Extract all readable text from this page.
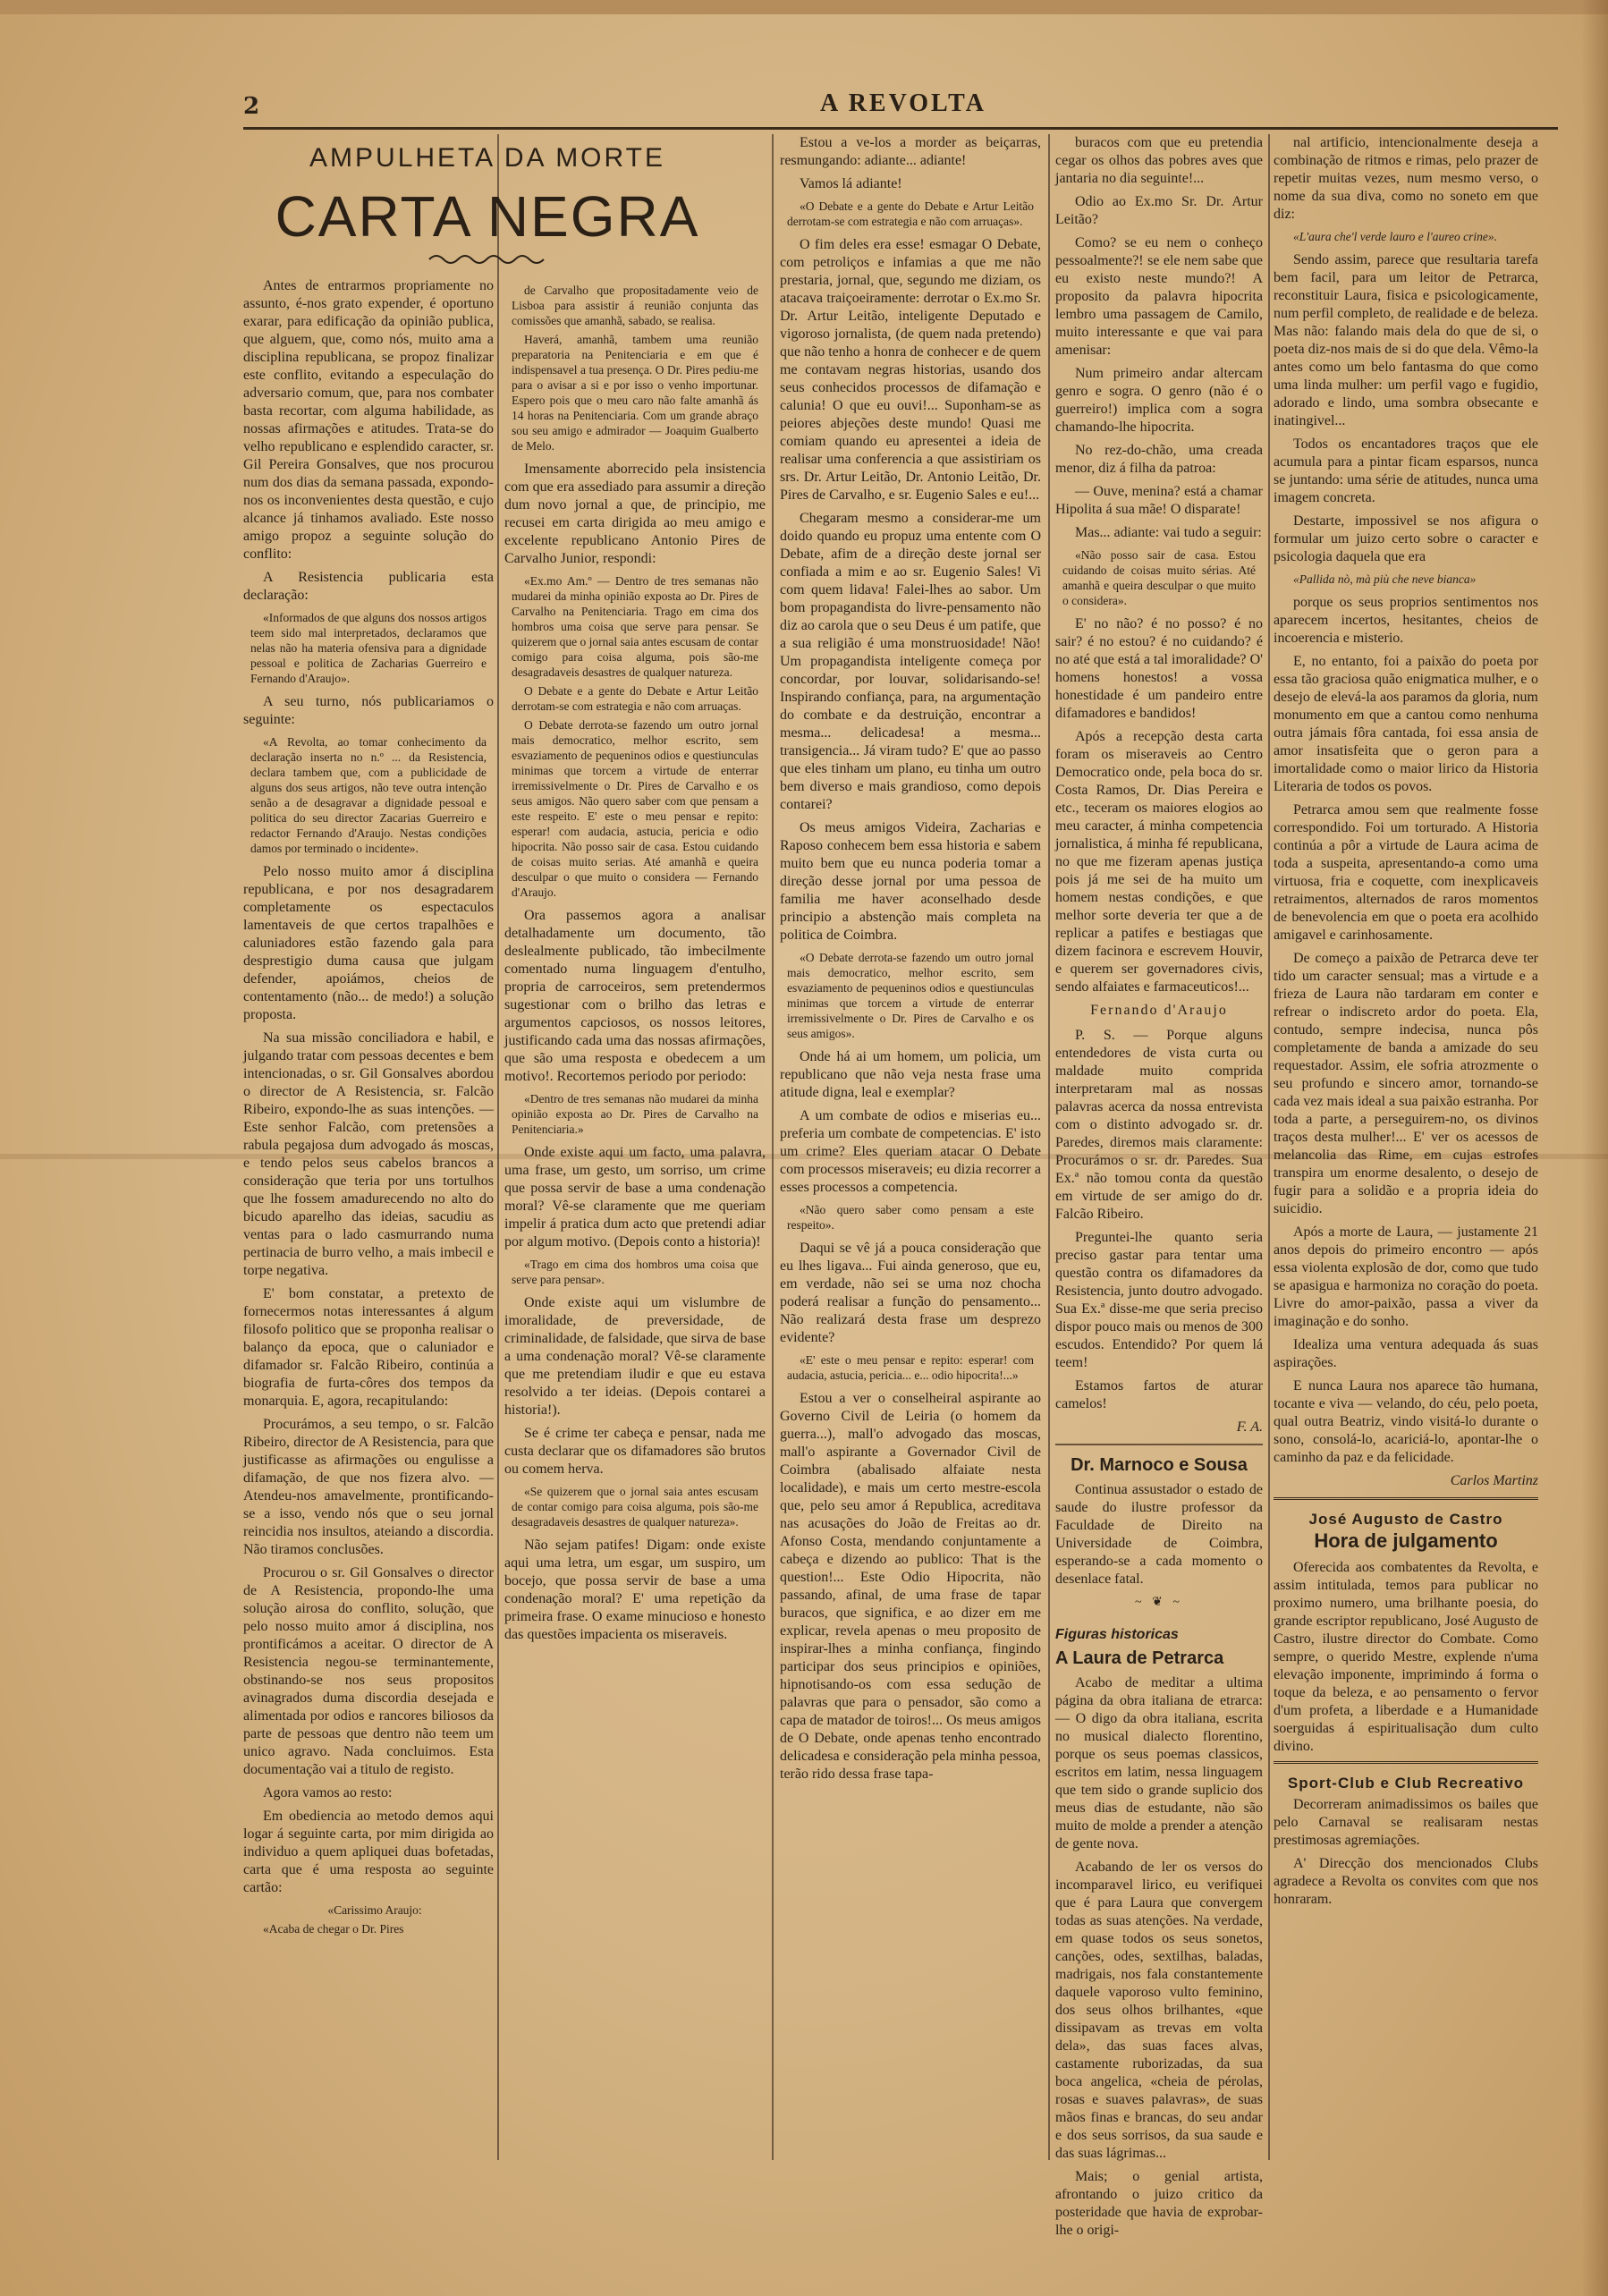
2	A REVOLTA
AMPULHETA DA MORTE
CARTA NEGRA

Antes de entrarmos propriamente no assunto, é-nos grato expender, é oportuno exarar, para edificação da opinião publica, que alguem, que, como nós, muito ama a disciplina republicana, se propoz finalizar este conflito, evitando a especulação do adversario comum, que, para nos combater basta recortar, com alguma habilidade, as nossas afirmações e atitudes. Trata-se do velho republicano e esplendido caracter, sr. Gil Pereira Gonsalves, que nos procurou num dos dias da semana passada, expondo-nos os inconvenientes desta questão, e cujo alcance já tinhamos avaliado. Este nosso amigo propoz a seguinte solução do conflito:

A Resistencia publicaria esta declaração:

«Informados de que alguns dos nossos artigos teem sido mal interpretados, declaramos que nelas não ha materia ofensiva para a dignidade pessoal e politica de Zacharias Guerreiro e Fernando d'Araujo».

A seu turno, nós publicariamos o seguinte:

«A Revolta, ao tomar conhecimento da declaração inserta no n.º ... da Resistencia, declara tambem que, com a publicidade de alguns dos seus artigos, não teve outra intenção senão a de desagravar a dignidade pessoal e politica do seu director Zacarias Guerreiro e redactor Fernando d'Araujo. Nestas condições damos por terminado o incidente».

Pelo nosso muito amor á disciplina republicana, e por nos desagradarem completamente os espectaculos lamentaveis de que certos trapalhões e caluniadores estão fazendo gala para desprestigio duma causa que julgam defender, apoiámos, cheios de contentamento (não... de medo!) a solução proposta.

Na sua missão conciliadora e habil, e julgando tratar com pessoas decentes e bem intencionadas, o sr. Gil Gonsalves abordou o director de A Resistencia, sr. Falcão Ribeiro, expondo-lhe as suas intenções. — Este senhor Falcão, com pretensões a rabula pegajosa dum advogado ás moscas, e tendo pelos seus cabelos brancos a consideração que teria por uns tortulhos que lhe fossem amadurecendo no alto do bicudo aparelho das ideias, sacudiu as ventas para o lado casmurrando numa pertinacia de burro velho, a mais imbecil e torpe negativa.

E' bom constatar, a pretexto de fornecermos notas interessantes á algum filosofo politico que se proponha realisar o balanço da epoca, que o caluniador e difamador sr. Falcão Ribeiro, continúa a biografia de furta-côres dos tempos da monarquia. E, agora, recapitulando:

Procurámos, a seu tempo, o sr. Falcão Ribeiro, director de A Resistencia, para que justificasse as afirmações ou engulisse a difamação, de que nos fizera alvo. — Atendeu-nos amavelmente, prontificando-se a isso, vendo nós que o seu jornal reincidia nos insultos, ateiando a discordia. Não tiramos conclusões.

Procurou o sr. Gil Gonsalves o director de A Resistencia, propondo-lhe uma solução airosa do conflito, solução, que pelo nosso muito amor á disciplina, nos prontificámos a aceitar. O director de A Resistencia negou-se terminantemente, obstinando-se nos seus propositos avinagrados duma discordia desejada e alimentada por odios e rancores biliosos da parte de pessoas que dentro não teem um unico agravo. Nada concluimos. Esta documentação vai a titulo de registo.

Agora vamos ao resto:

Em obediencia ao metodo demos aqui logar á seguinte carta, por mim dirigida ao individuo a quem apliquei duas bofetadas, carta que é uma resposta ao seguinte cartão:

«Carissimo Araujo:

«Acaba de chegar o Dr. Pires

de Carvalho que propositadamente veio de Lisboa para assistir á reunião conjunta das comissões que amanhã, sabado, se realisa.

Haverá, amanhã, tambem uma reunião preparatoria na Penitenciaria e em que é indispensavel a tua presença. O Dr. Pires pediu-me para o avisar a si e por isso o venho importunar. Espero pois que o meu caro não falte amanhã ás 14 horas na Penitenciaria. Com um grande abraço sou seu amigo e admirador — Joaquim Gualberto de Melo.

Imensamente aborrecido pela insistencia com que era assediado para assumir a direção dum novo jornal a que, de principio, me recusei em carta dirigida ao meu amigo e excelente republicano Antonio Pires de Carvalho Junior, respondi:

«Ex.mo Am.º — Dentro de tres semanas não mudarei da minha opinião exposta ao Dr. Pires de Carvalho na Penitenciaria. Trago em cima dos hombros uma coisa que serve para pensar. Se quizerem que o jornal saia antes escusam de contar comigo para coisa alguma, pois são-me desagradaveis desastres de qualquer natureza.

O Debate e a gente do Debate e Artur Leitão derrotam-se com estrategia e não com arruaças.

O Debate derrota-se fazendo um outro jornal mais democratico, melhor escrito, sem esvaziamento de pequeninos odios e questiunculas minimas que torcem a virtude de enterrar irremissivelmente o Dr. Pires de Carvalho e os seus amigos. Não quero saber com que pensam a este respeito. E' este o meu pensar e repito: esperar! com audacia, astucia, pericia e odio hipocrita. Não posso sair de casa. Estou cuidando de coisas muito serias. Até amanhã e queira desculpar o que muito o considera — Fernando d'Araujo.

Ora passemos agora a analisar detalhadamente um documento, tão deslealmente publicado, tão imbecilmente comentado numa linguagem d'entulho, propria de carroceiros, sem pretendermos sugestionar com o brilho das letras e argumentos capciosos, os nossos leitores, justificando cada uma das nossas afirmações, que são uma resposta e obedecem a um motivo!. Recortemos periodo por periodo:

«Dentro de tres semanas não mudarei da minha opinião exposta ao Dr. Pires de Carvalho na Penitenciaria.»

Onde existe aqui um facto, uma palavra, uma frase, um gesto, um sorriso, um crime que possa servir de base a uma condenação moral? Vê-se claramente que me queriam impelir á pratica dum acto que pretendi adiar por algum motivo. (Depois conto a historia)!

«Trago em cima dos hombros uma coisa que serve para pensar».

Onde existe aqui um vislumbre de imoralidade, de preversidade, de criminalidade, de falsidade, que sirva de base a uma condenação moral? Vê-se claramente que me pretendiam iludir e que eu estava resolvido a ter ideias. (Depois contarei a historia!).

Se é crime ter cabeça e pensar, nada me custa declarar que os difamadores são brutos ou comem herva.

«Se quizerem que o jornal saia antes escusam de contar comigo para coisa alguma, pois são-me desagradaveis desastres de qualquer natureza».

Não sejam patifes! Digam: onde existe aqui uma letra, um esgar, um suspiro, um bocejo, que possa servir de base a uma condenação moral? E' uma repetição da primeira frase. O exame minucioso e honesto das questões impacienta os miseraveis.

Estou a ve-los a morder as beiçarras, resmungando: adiante... adiante!

Vamos lá adiante!

«O Debate e a gente do Debate e Artur Leitão derrotam-se com estrategia e não com arruaças».

O fim deles era esse! esmagar O Debate, com petroliços e infamias a que me não prestaria, jornal, que, segundo me diziam, os atacava traiçoeiramente: derrotar o Ex.mo Sr. Dr. Artur Leitão, inteligente Deputado e vigoroso jornalista, (de quem nada pretendo) que não tenho a honra de conhecer e de quem me contavam negras historias, usando dos seus conhecidos processos de difamação e calunia! O que eu ouvi!... Suponham-se as peiores abjeções deste mundo! Quasi me comiam quando eu apresentei a ideia de realisar uma conferencia a que assistiriam os srs. Dr. Artur Leitão, Dr. Antonio Leitão, Dr. Pires de Carvalho, e sr. Eugenio Sales e eu!...

Chegaram mesmo a considerar-me um doido quando eu propuz uma entente com O Debate, afim de a direção deste jornal ser confiada a mim e ao sr. Eugenio Sales! Vi com quem lidava! Falei-lhes ao sabor. Um bom propagandista do livre-pensamento não diz ao carola que o seu Deus é um patife, que a sua religião é uma monstruosidade! Não! Um propagandista inteligente começa por concordar, por louvar, solidarisando-se! Inspirando confiança, para, na argumentação do combate e da destruição, encontrar a mesma... delicadesa! a mesma... transigencia... Já viram tudo? E' que ao passo que eles tinham um plano, eu tinha um outro bem diverso e mais grandioso, como depois contarei?

Os meus amigos Videira, Zacharias e Raposo conhecem bem essa historia e sabem muito bem que eu nunca poderia tomar a direção desse jornal por uma pessoa de familia me haver aconselhado desde principio a abstenção mais completa na politica de Coimbra.

«O Debate derrota-se fazendo um outro jornal mais democratico, melhor escrito, sem esvaziamento de pequeninos odios e questiunculas minimas que torcem a virtude de enterrar irremissivelmente o Dr. Pires de Carvalho e os seus amigos».

Onde há ai um homem, um policia, um republicano que não veja nesta frase uma atitude digna, leal e exemplar?

A um combate de odios e miserias eu... preferia um combate de competencias. E' isto um crime? Eles queriam atacar O Debate com processos miseraveis; eu dizia recorrer a esses processos a competencia.

«Não quero saber como pensam a este respeito».

Daqui se vê já a pouca consideração que eu lhes ligava... Fui ainda generoso, que eu, em verdade, não sei se uma noz chocha poderá realisar a função do pensamento... Não realizará desta frase um desprezo evidente?

«E' este o meu pensar e repito: esperar! com audacia, astucia, pericia... e... odio hipocrita!...»

Estou a ver o conselheiral aspirante ao Governo Civil de Leiria (o homem da guerra...), mall'o advogado das moscas, mall'o aspirante a Governador Civil de Coimbra (abalisado alfaiate nesta localidade), e mais um certo mestre-escola que, pelo seu amor á Republica, acreditava nas acusações do João de Freitas ao dr. Afonso Costa, mendando conjuntamente a cabeça e dizendo ao publico: That is the question!... Este Odio Hipocrita, não passando, afinal, de uma frase de tapar buracos, que significa, e ao dizer em me explicar, revela apenas o meu proposito de inspirar-lhes a minha confiança, fingindo participar dos seus principios e opiniões, hipnotisando-os com essa sedução de palavras que para o pensador, são como a capa de matador de toiros!... Os meus amigos de O Debate, onde apenas tenho encontrado delicadesa e consideração pela minha pessoa, terão rido dessa frase tapa-

buracos com que eu pretendia cegar os olhos das pobres aves que jantaria no dia seguinte!...

Odio ao Ex.mo Sr. Dr. Artur Leitão?

Como? se eu nem o conheço pessoalmente?! se ele nem sabe que eu existo neste mundo?! A proposito da palavra hipocrita lembro uma passagem de Camilo, muito interessante e que vai para amenisar:

Num primeiro andar altercam genro e sogra. O genro (não é o guerreiro!) implica com a sogra chamando-lhe hipocrita.

No rez-do-chão, uma creada menor, diz á filha da patroa:

— Ouve, menina? está a chamar Hipolita á sua mãe! O disparate!

Mas... adiante: vai tudo a seguir:

«Não posso sair de casa. Estou cuidando de coisas muito sérias. Até amanhã e queira desculpar o que muito o considera».

E' no não? é no posso? é no sair? é no estou? é no cuidando? é no até que está a tal imoralidade? O' homens honestos! a vossa honestidade é um pandeiro entre difamadores e bandidos!

Após a recepção desta carta foram os miseraveis ao Centro Democratico onde, pela boca do sr. Costa Ramos, Dr. Dias Pereira e etc., teceram os maiores elogios ao meu caracter, á minha competencia jornalistica, á minha fé republicana, no que me fizeram apenas justiça pois já me sei de ha muito um homem nestas condições, e que melhor sorte deveria ter que a de replicar a patifes e bestiagas que dizem facinora e escrevem Houvir, e querem ser governadores civis, sendo alfaiates e farmaceuticos!...

Fernando d'Araujo

P. S. — Porque alguns entendedores de vista curta ou maldade muito comprida interpretaram mal as nossas palavras acerca da nossa entrevista com o distinto advogado sr. dr. Paredes, diremos mais claramente: Procurámos o sr. dr. Paredes. Sua Ex.ª não tomou conta da questão em virtude de ser amigo do dr. Falcão Ribeiro.

Preguntei-lhe quanto seria preciso gastar para tentar uma questão contra os difamadores da Resistencia, junto doutro advogado. Sua Ex.ª disse-me que seria preciso dispor pouco mais ou menos de 300 escudos. Entendido? Por quem lá teem!

Estamos fartos de aturar camelos!

F. A.
Dr. Marnoco e Sousa

Continua assustador o estado de saude do ilustre professor da Faculdade de Direito na Universidade de Coimbra, esperando-se a cada momento o desenlace fatal.

~ ❦ ~
Figuras historicas
A Laura de Petrarca

Acabo de meditar a ultima página da obra italiana de etrarca: — O digo da obra italiana, escrita no musical dialecto florentino, porque os seus poemas classicos, escritos em latim, nessa linguagem que tem sido o grande suplicio dos meus dias de estudante, não são muito de molde a prender a atenção de gente nova.

Acabando de ler os versos do incomparavel lirico, eu verifiquei que é para Laura que convergem todas as suas atenções. Na verdade, em quase todos os seus sonetos, canções, odes, sextilhas, baladas, madrigais, nos fala constantemente daquele vaporoso vulto feminino, dos seus olhos brilhantes, «que dissipavam as trevas em volta dela», das suas faces alvas, castamente ruborizadas, da sua boca angelica, «cheia de pérolas, rosas e suaves palavras», de suas mãos finas e brancas, do seu andar e dos seus sorrisos, da sua saude e das suas lágrimas...

Mais; o genial artista, afrontando o juizo critico da posteridade que havia de exprobar-lhe o origi-

nal artificio, intencionalmente deseja a combinação de ritmos e rimas, pelo prazer de repetir muitas vezes, num mesmo verso, o nome da sua diva, como no soneto em que diz:

«L'aura che'l verde lauro e l'aureo crine».

Sendo assim, parece que resultaria tarefa bem facil, para um leitor de Petrarca, reconstituir Laura, fisica e psicologicamente, num perfil completo, de realidade e de beleza. Mas não: falando mais dela do que de si, o poeta diz-nos mais de si do que dela. Vêmo-la antes como um belo fantasma do que como uma linda mulher: um perfil vago e fugidio, adorado e lindo, uma sombra obsecante e inatingivel...

Todos os encantadores traços que ele acumula para a pintar ficam esparsos, nunca se juntando: uma série de atitudes, nunca uma imagem concreta.

Destarte, impossivel se nos afigura o formular um juizo certo sobre o caracter e psicologia daquela que era

«Pallida nò, mà più che neve bianca»

porque os seus proprios sentimentos nos aparecem incertos, hesitantes, cheios de incoerencia e misterio.

E, no entanto, foi a paixão do poeta por essa tão graciosa quão enigmatica mulher, e o desejo de elevá-la aos paramos da gloria, num monumento em que a cantou como nenhuma outra jámais fôra cantada, foi essa ansia de amor insatisfeita que o geron para a imortalidade como o maior lirico da Historia Literaria de todos os povos.

Petrarca amou sem que realmente fosse correspondido. Foi um torturado. A Historia continúa a pôr a virtude de Laura acima de toda a suspeita, apresentando-a como uma virtuosa, fria e coquette, com inexplicaveis retraimentos, alternados de raros momentos de benevolencia em que o poeta era acolhido amigavel e carinhosamente.

De começo a paixão de Petrarca deve ter tido um caracter sensual; mas a virtude e a frieza de Laura não tardaram em conter e refrear o indiscreto ardor do poeta. Ela, contudo, sempre indecisa, nunca pôs completamente de banda a amizade do seu requestador. Assim, ele sofria atrozmente o seu profundo e sincero amor, tornando-se cada vez mais ideal a sua paixão estranha. Por toda a parte, a perseguirem-no, os divinos traços desta mulher!... E' ver os acessos de melancolia das Rime, em cujas estrofes transpira um enorme desalento, o desejo de fugir para a solidão e a propria ideia do suicidio.

Após a morte de Laura, — justamente 21 anos depois do primeiro encontro — após essa violenta explosão de dor, como que tudo se apasigua e harmoniza no coração do poeta. Livre do amor-paixão, passa a viver da imaginação e do sonho.

Idealiza uma ventura adequada ás suas aspirações.

E nunca Laura nos aparece tão humana, tocante e viva — velando, do céu, pelo poeta, qual outra Beatriz, vindo visitá-lo durante o sono, consolá-lo, acariciá-lo, apontar-lhe o caminho da paz e da felicidade.

Carlos Martinz
José Augusto de Castro
Hora de julgamento

Oferecida aos combatentes da Revolta, e assim intitulada, temos para publicar no proximo numero, uma brilhante poesia, do grande escriptor republicano, José Augusto de Castro, ilustre director do Combate. Como sempre, o querido Mestre, explende n'uma elevação imponente, imprimindo á forma o toque da beleza, e ao pensamento o fervor d'um profeta, a liberdade e a Humanidade soerguidas á espiritualisação dum culto divino.

Sport-Club e Club Recreativo

Decorreram animadissimos os bailes que pelo Carnaval se realisaram nestas prestimosas agremiações.

A' Direcção dos mencionados Clubs agradece a Revolta os convites com que nos honraram.
